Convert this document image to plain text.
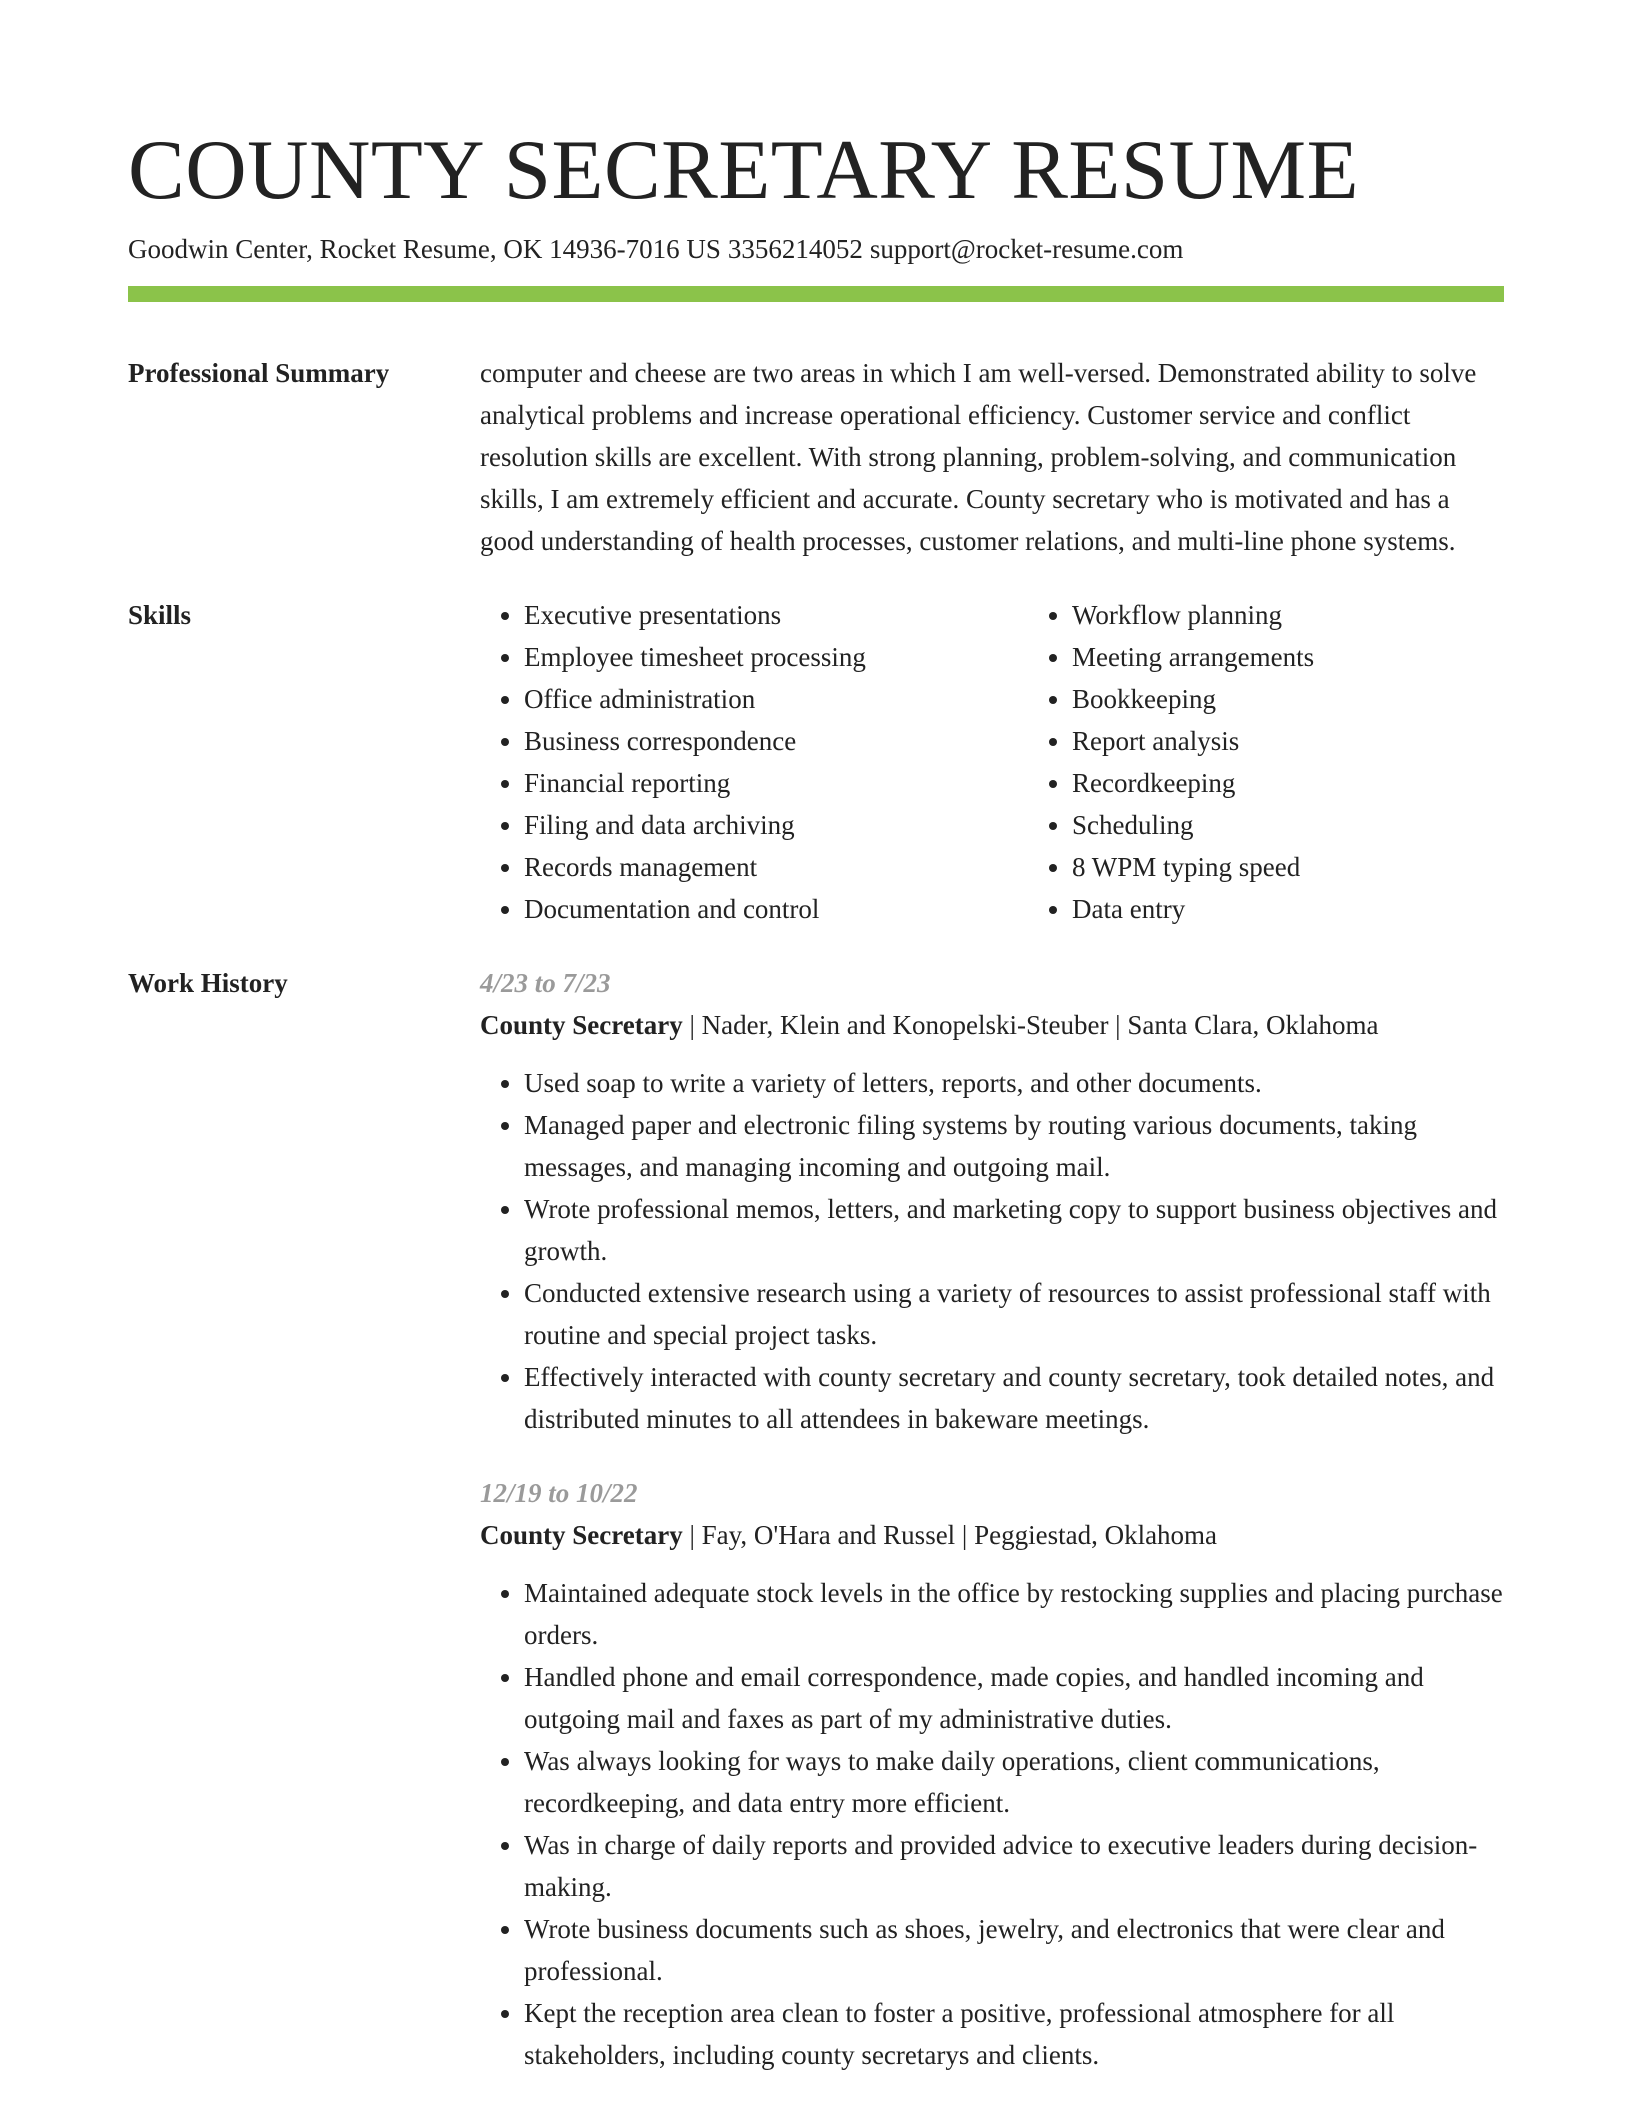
COUNTY SECRETARY RESUME
Goodwin Center, Rocket Resume, OK 14936-7016 US 3356214052 support@rocket-resume.com
Professional Summary	computer and cheese are two areas in which I am well-versed. Demonstrated ability to solve analytical problems and increase operational efficiency. Customer service and conflict resolution skills are excellent. With strong planning, problem-solving, and communication skills, I am extremely efficient and accurate. County secretary who is motivated and has a good understanding of health processes, customer relations, and multi-line phone systems.
Skills
•	Executive presentations
• Employee timesheet processing
• Office administration
• Business correspondence
• Financial reporting
• Filing and data archiving
• Records management
• Documentation and control
• Workflow planning
• Meeting arrangements
• Bookkeeping
• Report analysis
• Recordkeeping
• Scheduling
• 8 WPM typing speed
• Data entry
Work History	4/23 to 7/23
County Secretary | Nader, Klein and Konopelski-Steuber | Santa Clara, Oklahoma
• Used soap to write a variety of letters, reports, and other documents.
• Managed paper and electronic filing systems by routing various documents, taking messages, and managing incoming and outgoing mail.
• Wrote professional memos, letters, and marketing copy to support business objectives and growth.
• Conducted extensive research using a variety of resources to assist professional staff with routine and special project tasks.
• Effectively interacted with county secretary and county secretary, took detailed notes, and distributed minutes to all attendees in bakeware meetings.
12/19 to 10/22
County Secretary | Fay, O'Hara and Russel | Peggiestad, Oklahoma
• Maintained adequate stock levels in the office by restocking supplies and placing purchase orders.
• Handled phone and email correspondence, made copies, and handled incoming and outgoing mail and faxes as part of my administrative duties.
• Was always looking for ways to make daily operations, client communications, recordkeeping, and data entry more efficient.
• Was in charge of daily reports and provided advice to executive leaders during decision-making.
• Wrote business documents such as shoes, jewelry, and electronics that were clear and professional.
• Kept the reception area clean to foster a positive, professional atmosphere for all stakeholders, including county secretarys and clients.
